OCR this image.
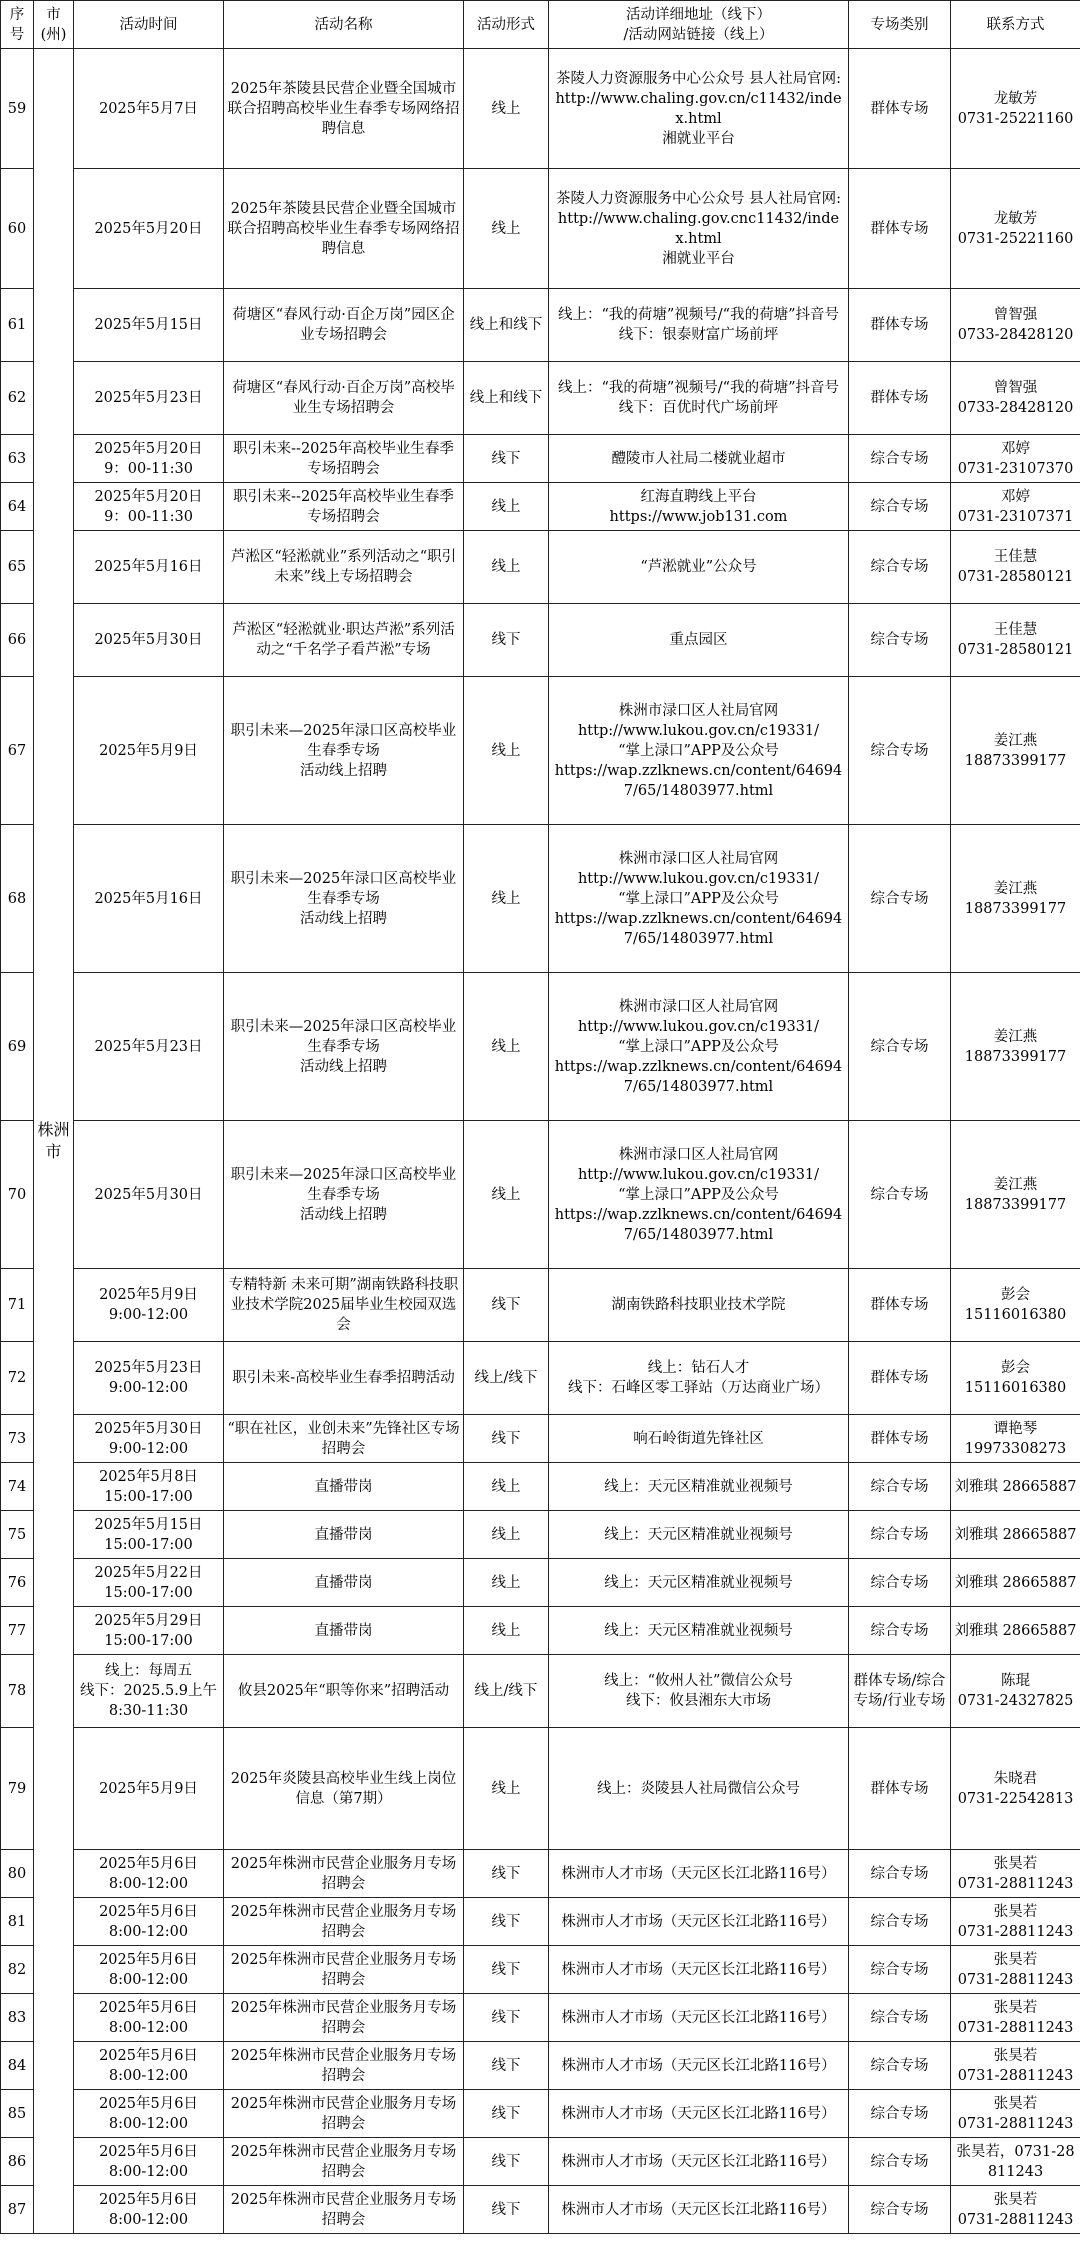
序
号	市
(州)	活动时间	活动名称	活动形式	活动详细地址（线下）
/活动网站链接（线上）	专场类别	联系方式
59	株洲市	2025年5月7日	2025年茶陵县民营企业暨全国城市联合招聘高校毕业生春季专场网络招聘信息	线上	茶陵人力资源服务中心公众号 县人社局官网:
http://www.chaling.gov.cn/c11432/index.html
湘就业平台	群体专场	龙敏芳
0731-25221160
60		2025年5月20日	2025年茶陵县民营企业暨全国城市联合招聘高校毕业生春季专场网络招聘信息	线上	茶陵人力资源服务中心公众号 县人社局官网:
http://www.chaling.gov.cnc11432/index.html
湘就业平台	群体专场	龙敏芳
0731-25221160
61		2025年5月15日	荷塘区“春风行动·百企万岗”园区企业专场招聘会	线上和线下	线上：“我的荷塘”视频号/“我的荷塘”抖音号
线下：银泰财富广场前坪	群体专场	曾智强
0733-28428120
62		2025年5月23日	荷塘区“春风行动·百企万岗”高校毕业生专场招聘会	线上和线下	线上：“我的荷塘”视频号/“我的荷塘”抖音号
线下：百优时代广场前坪	群体专场	曾智强
0733-28428120
63		2025年5月20日
9：00-11:30	职引未来--2025年高校毕业生春季专场招聘会	线下	醴陵市人社局二楼就业超市	综合专场	邓婷
0731-23107370
64		2025年5月20日
9：00-11:30	职引未来--2025年高校毕业生春季专场招聘会	线上	红海直聘线上平台
https://www.job131.com	综合专场	邓婷
0731-23107371
65		2025年5月16日	芦淞区“轻淞就业”系列活动之“职引未来”线上专场招聘会	线上	“芦淞就业”公众号	综合专场	王佳慧
0731-28580121
66		2025年5月30日	芦淞区“轻淞就业·职达芦淞”系列活动之“千名学子看芦淞”专场	线下	重点园区	综合专场	王佳慧
0731-28580121
67		2025年5月9日	职引未来—2025年渌口区高校毕业生春季专场
活动线上招聘	线上	株洲市渌口区人社局官网
http://www.lukou.gov.cn/c19331/
“掌上渌口”APP及公众号
https://wap.zzlknews.cn/content/646947/65/14803977.html	综合专场	姜江燕
18873399177
68		2025年5月16日	职引未来—2025年渌口区高校毕业生春季专场
活动线上招聘	线上	株洲市渌口区人社局官网
http://www.lukou.gov.cn/c19331/
“掌上渌口”APP及公众号
https://wap.zzlknews.cn/content/646947/65/14803977.html	综合专场	姜江燕
18873399177
69		2025年5月23日	职引未来—2025年渌口区高校毕业生春季专场
活动线上招聘	线上	株洲市渌口区人社局官网
http://www.lukou.gov.cn/c19331/
“掌上渌口”APP及公众号
https://wap.zzlknews.cn/content/646947/65/14803977.html	综合专场	姜江燕
18873399177
70		2025年5月30日	职引未来—2025年渌口区高校毕业生春季专场
活动线上招聘	线上	株洲市渌口区人社局官网
http://www.lukou.gov.cn/c19331/
“掌上渌口”APP及公众号
https://wap.zzlknews.cn/content/646947/65/14803977.html	综合专场	姜江燕
18873399177
71		2025年5月9日
9:00-12:00	专精特新 未来可期”湖南铁路科技职业技术学院2025届毕业生校园双选会	线下	湖南铁路科技职业技术学院	群体专场	彭会
15116016380
72		2025年5月23日
9:00-12:00	职引未来-高校毕业生春季招聘活动	线上/线下	线上：钻石人才
线下：石峰区零工驿站（万达商业广场）	群体专场	彭会
15116016380
73		2025年5月30日
9:00-12:00	“职在社区，业创未来”先锋社区专场招聘会	线下	响石岭街道先锋社区	群体专场	谭艳琴
19973308273
74		2025年5月8日
15:00-17:00	直播带岗	线上	线上：天元区精准就业视频号	综合专场	刘雅琪 28665887
75		2025年5月15日
15:00-17:00	直播带岗	线上	线上：天元区精准就业视频号	综合专场	刘雅琪 28665887
76		2025年5月22日
15:00-17:00	直播带岗	线上	线上：天元区精准就业视频号	综合专场	刘雅琪 28665887
77		2025年5月29日
15:00-17:00	直播带岗	线上	线上：天元区精准就业视频号	综合专场	刘雅琪 28665887
78		线上：每周五
线下：2025.5.9上午8:30-11:30	攸县2025年“职等你来”招聘活动	线上/线下	线上：“攸州人社”微信公众号
线下：攸县湘东大市场	群体专场/综合专场/行业专场	陈琨
0731-24327825
79		2025年5月9日	2025年炎陵县高校毕业生线上岗位信息（第7期）	线上	线上：炎陵县人社局微信公众号	群体专场	朱晓君
0731-22542813
80		2025年5月6日
8:00-12:00	2025年株洲市民营企业服务月专场招聘会	线下	株洲市人才市场（天元区长江北路116号）	综合专场	张昊若
0731-28811243
81		2025年5月6日
8:00-12:00	2025年株洲市民营企业服务月专场招聘会	线下	株洲市人才市场（天元区长江北路116号）	综合专场	张昊若
0731-28811243
82		2025年5月6日
8:00-12:00	2025年株洲市民营企业服务月专场招聘会	线下	株洲市人才市场（天元区长江北路116号）	综合专场	张昊若
0731-28811243
83		2025年5月6日
8:00-12:00	2025年株洲市民营企业服务月专场招聘会	线下	株洲市人才市场（天元区长江北路116号）	综合专场	张昊若
0731-28811243
84		2025年5月6日
8:00-12:00	2025年株洲市民营企业服务月专场招聘会	线下	株洲市人才市场（天元区长江北路116号）	综合专场	张昊若
0731-28811243
85		2025年5月6日
8:00-12:00	2025年株洲市民营企业服务月专场招聘会	线下	株洲市人才市场（天元区长江北路116号）	综合专场	张昊若
0731-28811243
86		2025年5月6日
8:00-12:00	2025年株洲市民营企业服务月专场招聘会	线下	株洲市人才市场（天元区长江北路116号）	综合专场	张昊若，0731-28811243
87		2025年5月6日
8:00-12:00	2025年株洲市民营企业服务月专场招聘会	线下	株洲市人才市场（天元区长江北路116号）	综合专场	张昊若
0731-28811243
